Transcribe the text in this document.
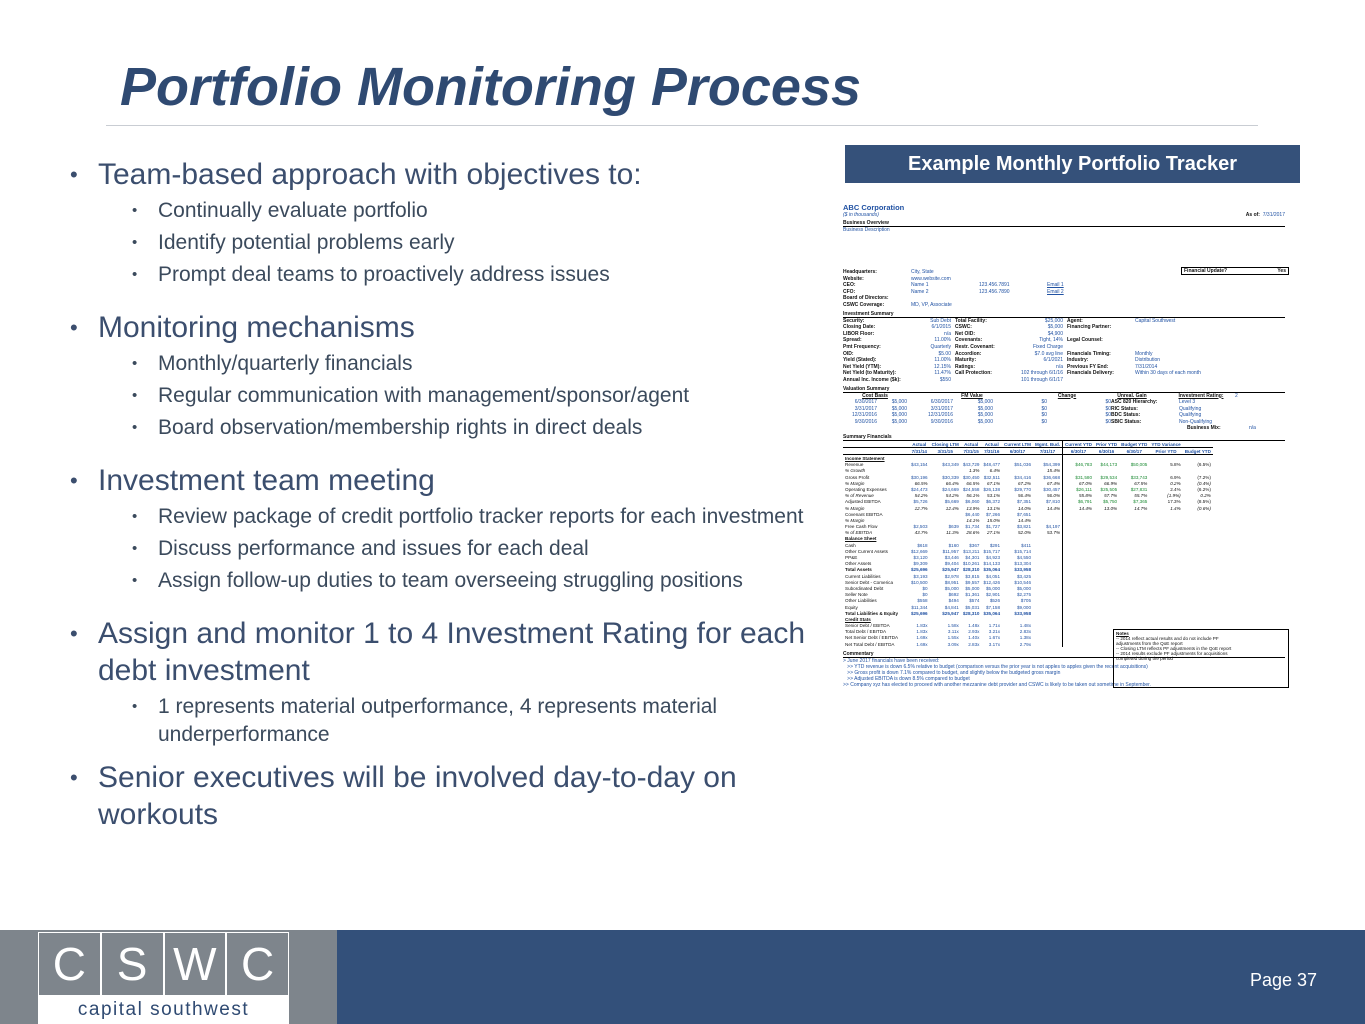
Portfolio Monitoring Process
• Team-based approach with objectives to:
• Continually evaluate portfolio
• Identify potential problems early
• Prompt deal teams to proactively address issues
• Monitoring mechanisms
• Monthly/quarterly financials
• Regular communication with management/sponsor/agent
• Board observation/membership rights in direct deals
• Investment team meeting
• Review package of credit portfolio tracker reports for each investment
• Discuss performance and issues for each deal
• Assign follow-up duties to team overseeing struggling positions
• Assign and monitor 1 to 4 Investment Rating for each debt investment
• 1 represents material outperformance, 4 represents material underperformance
• Senior executives will be involved day-to-day on workouts
Example Monthly Portfolio Tracker
ABC Corporation
($ in thousands)	As of: 7/31/2017
Business Overview
Business Description
Financial Update?	Yes
Headquarters:	City, State
Website:	www.website.com
CEO:	Name 1	123.456.7891	Email 1
CFO:	Name 2	123.456.7890	Email 2
Board of Directors:
CSWC Coverage:	MD, VP, Associate
Investment Summary
Security:	Sub Debt Total Facility:	$25,000 Agent:	Capital Southwest
Closing Date:	6/1/2015 CSWC:	$5,000 Financing Partner:
LIBOR Floor:	n/a Net OID:	$4,900
Spread:	11.00% Covenants:	Tight, 14% Legal Counsel:
Pmt Frequency:	Quarterly Restr. Covenant:	Fixed Charge
OID:	$5.00 Accordion:	$7.0 avg line Financials Timing:	Monthly
Yield (Stated):	11.00% Maturity:	6/1/2021 Industry:	Distribution
Net Yield (YTM):	12.15% Ratings:	n/a Previous FY End:	7/31/2014
Net Yield (to Maturity):	11.47% Call Protection:	102 through 6/1/16 Financials Delivery:	Within 30 days of each month
Annual Inc. Income ($k):	$550	101 through 6/1/17
Valuation Summary
Cost Basis	FM Value	Change	Unreal. Gain	Investment Rating:	2
6/30/2017	$5,000	6/30/2017	$5,000	$0	$0 ASC 820 Hierarchy:	Level 3
3/31/2017	$5,000	3/31/2017	$5,000	$0	$0 RIC Status:	Qualifying
12/31/2016	$5,000	12/31/2016	$5,000	$0	$0 BDC Status:	Qualifying
9/30/2016	$5,000	9/30/2016	$5,000	$0	$0 SBIC Status:	Non-Qualifying
Business Mix:	n/a
Summary Financials
	Actual	Closing LTM	Actual	Actual	Current LTM	Mgmt. Bud.	Current YTD	Prior YTD	Budget YTD	YTD Variance	
	7/31/14	3/31/15	7/31/15	7/31/16	6/30/17	7/31/17	6/30/17	6/30/16	6/30/17	Prior YTD	Budget YTD
Income Statement											
Revenue	$43,154	$43,349	$43,729	$48,477	$51,036	$54,399	$46,783	$44,173	$50,005	5.8%	(6.5%)
% Growth			1.3%	6.4%		15.4%					
Gross Profit	$30,196	$30,339	$30,450	$32,511	$34,416	$36,668	$31,580	$29,534	$33,743	6.9%	(7.2%)
% Margin	66.5%	66.4%	66.5%	67.1%	67.2%	67.4%	67.0%	66.9%	67.5%	0.2%	(0.4%)
Operating Expenses	$24,473	$24,669	$24,558	$26,138	$29,770	$30,457	$26,111	$25,505	$27,831	2.4%	(6.2%)
% of Revenue	54.2%	54.2%	56.1%	53.1%	56.4%	56.0%	55.8%	57.7%	55.7%	(1.9%)	0.2%
Adjusted EBITDA	$5,726	$5,669	$6,060	$6,372	$7,351	$7,810	$6,791	$5,750	$7,365	17.3%	(8.5%)
% Margin	12.7%	12.4%	13.9%	13.1%	14.0%	14.4%	14.4%	13.0%	14.7%	1.4%	(0.6%)
Covenant EBITDA			$6,440	$7,266	$7,651						
% Margin			14.1%	15.0%	14.4%						
Free Cash Flow	$2,503	$639	$1,734	$1,727	$3,821	$4,197					
% of EBITDA	43.7%	11.3%	28.6%	27.1%	52.0%	53.7%					
Balance Sheet											
Cash	$618	$160	$367	$291	$411						
Other Current Assets	$12,669	$11,957	$13,211	$15,717	$15,714						
PP&E	$3,120	$3,446	$4,301	$4,923	$4,550						
Other Assets	$9,309	$9,404	$10,261	$14,133	$13,304						
Total Assets	$25,696	$25,947	$28,310	$35,064	$33,958						
Current Liabilities	$3,193	$2,978	$3,815	$4,051	$3,425						
Senior Debt - Comerica	$10,500	$8,951	$9,557	$12,426	$10,546						
Subordinated Debt	$0	$5,000	$5,000	$5,000	$5,000						
Seller Note	$0	$692	$1,361	$2,901	$2,275						
Other Liabilities	$558	$494	$574	$526	$705						
Equity	$11,344	$4,841	$5,031	$7,158	$9,000						
Total Liabilities & Equity	$25,696	$25,947	$28,310	$35,064	$33,958						
Credit Stats											
Senior Debt / EBITDA	1.83x	1.58x	1.48x	1.71x	1.48x						
Total Debt / EBITDA	1.83x	3.11x	2.93x	3.21x	2.83x						
Net Senior Debt / EBITDA	1.69x	1.55x	1.40x	1.67x	1.38x						
Net Total Debt / EBITDA	1.69x	3.09x	2.83x	3.17x	2.79x						
Notes
-- 2014 reflect actual results and do not include PF
adjustments from the QoE report
-- Closing LTM reflects PF adjustments in the QoE report
-- 2014 results exclude PF adjustments for acquisitions
completed during the period
Commentary
> June 2017 financials have been received:
>> YTD revenue is down 6.5% relative to budget (comparison versus the prior year is not apples to apples given the recent acquisitions)
>> Gross profit is down 7.1% compared to budget, and slightly below the budgeted gross margin
>> Adjusted EBITDA is down 8.5% compared to budget
>> Company xyz has elected to proceed with another mezzanine debt provider and CSWC is likely to be taken out sometime in September.
C S W C
capital southwest
Page 37
